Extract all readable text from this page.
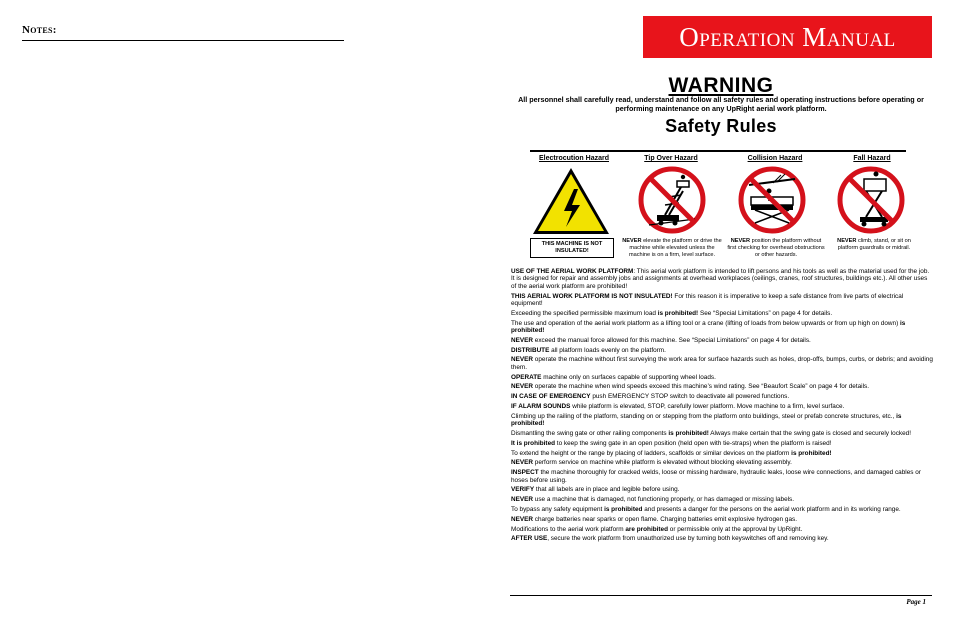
Notes:	Operation Manual
WARNING
All personnel shall carefully read, understand and follow all safety rules and operating instructions before operating or performing maintenance on any UpRight aerial work platform.
Safety Rules
Electrocution Hazard	Tip Over Hazard	Collision Hazard	Fall Hazard
THIS MACHINE IS NOT INSULATED!
NEVER elevate the platform or drive the machine while elevated unless the machine is on a firm, level surface.
NEVER position the platform without first checking for overhead obstructions or other hazards.
NEVER climb, stand, or sit on platform guardrails or midrail.

USE OF THE AERIAL WORK PLATFORM: This aerial work platform is intended to lift persons and his tools as well as the material used for the job. It is designed for repair and assembly jobs and assignments at overhead workplaces (ceilings, cranes, roof structures, buildings etc.). All other uses of the aerial work platform are prohibited!

THIS AERIAL WORK PLATFORM IS NOT INSULATED! For this reason it is imperative to keep a safe distance from live parts of electrical equipment!

Exceeding the specified permissible maximum load is prohibited! See “Special Limitations” on page 4 for details.

The use and operation of the aerial work platform as a lifting tool or a crane (lifting of loads from below upwards or from up high on down) is prohibited!

NEVER exceed the manual force allowed for this machine. See “Special Limitations” on page 4 for details.

DISTRIBUTE all platform loads evenly on the platform.

NEVER operate the machine without first surveying the work area for surface hazards such as holes, drop-offs, bumps, curbs, or debris; and avoiding them.

OPERATE machine only on surfaces capable of supporting wheel loads.

NEVER operate the machine when wind speeds exceed this machine’s wind rating. See “Beaufort Scale” on page 4 for details.

IN CASE OF EMERGENCY push EMERGENCY STOP switch to deactivate all powered functions.

IF ALARM SOUNDS while platform is elevated, STOP, carefully lower platform. Move machine to a firm, level surface.

Climbing up the railing of the platform, standing on or stepping from the platform onto buildings, steel or prefab concrete structures, etc., is prohibited!

Dismantling the swing gate or other railing components is prohibited! Always make certain that the swing gate is closed and securely locked!

It is prohibited to keep the swing gate in an open position (held open with tie-straps) when the platform is raised!

To extend the height or the range by placing of ladders, scaffolds or similar devices on the platform is prohibited!

NEVER perform service on machine while platform is elevated without blocking elevating assembly.

INSPECT the machine thoroughly for cracked welds, loose or missing hardware, hydraulic leaks, loose wire connections, and damaged cables or hoses before using.

VERIFY that all labels are in place and legible before using.

NEVER use a machine that is damaged, not functioning properly, or has damaged or missing labels.

To bypass any safety equipment is prohibited and presents a danger for the persons on the aerial work platform and in its working range.

NEVER charge batteries near sparks or open flame. Charging batteries emit explosive hydrogen gas.

Modifications to the aerial work platform are prohibited or permissible only at the approval by UpRight.

AFTER USE, secure the work platform from unauthorized use by turning both keyswitches off and removing key.

Page 1
